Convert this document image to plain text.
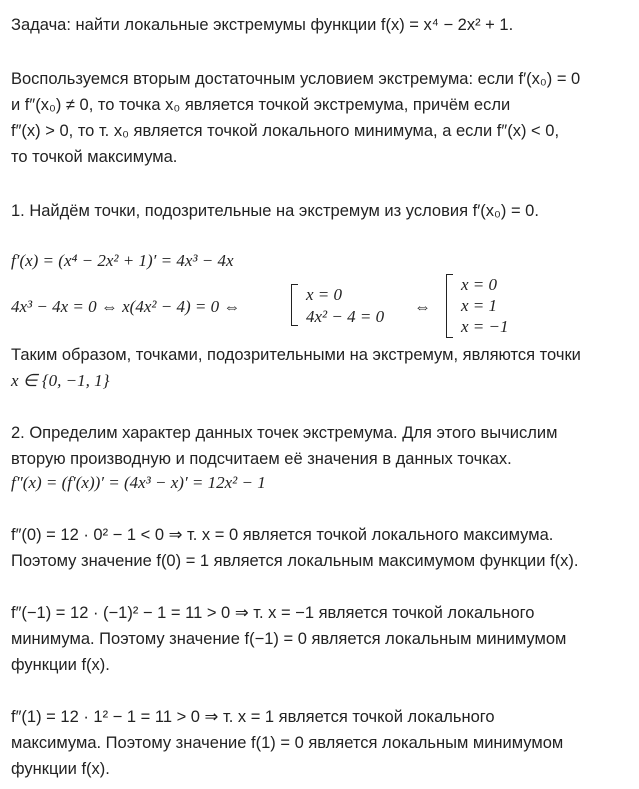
Задача: найти локальные экстремумы функции f(x) = x⁴ − 2x² + 1.
Воспользуемся вторым достаточным условием экстремума: если f′(x₀) = 0
и f″(x₀) ≠ 0, то точка x₀ является точкой экстремума, причём если
f″(x) > 0, то т. x₀ является точкой локального минимума, а если f″(x) < 0,
то точкой максимума.
1. Найдём точки, подозрительные на экстремум из условия f′(x₀) = 0.
f′(x) = (x⁴ − 2x² + 1)′ = 4x³ − 4x
4x³ − 4x = 0 ⇔ x(4x² − 4) = 0 ⇔
x = 0
4x² − 4 = 0
⇔
x = 0
x = 1
x = −1
Таким образом, точками, подозрительными на экстремум, являются точки
x ∈ {0, −1, 1}
2. Определим характер данных точек экстремума. Для этого вычислим
вторую производную и подсчитаем её значения в данных точках.
f″(x) = (f′(x))′ = (4x³ − x)′ = 12x² − 1
f″(0) = 12 · 0² − 1 < 0 ⇒ т. x = 0 является точкой локального максимума.
Поэтому значение f(0) = 1 является локальным максимумом функции f(x).
f″(−1) = 12 · (−1)² − 1 = 11 > 0 ⇒ т. x = −1 является точкой локального
минимума. Поэтому значение f(−1) = 0 является локальным минимумом
функции f(x).
f″(1) = 12 · 1² − 1 = 11 > 0 ⇒ т. x = 1 является точкой локального
максимума. Поэтому значение f(1) = 0 является локальным минимумом
функции f(x).
